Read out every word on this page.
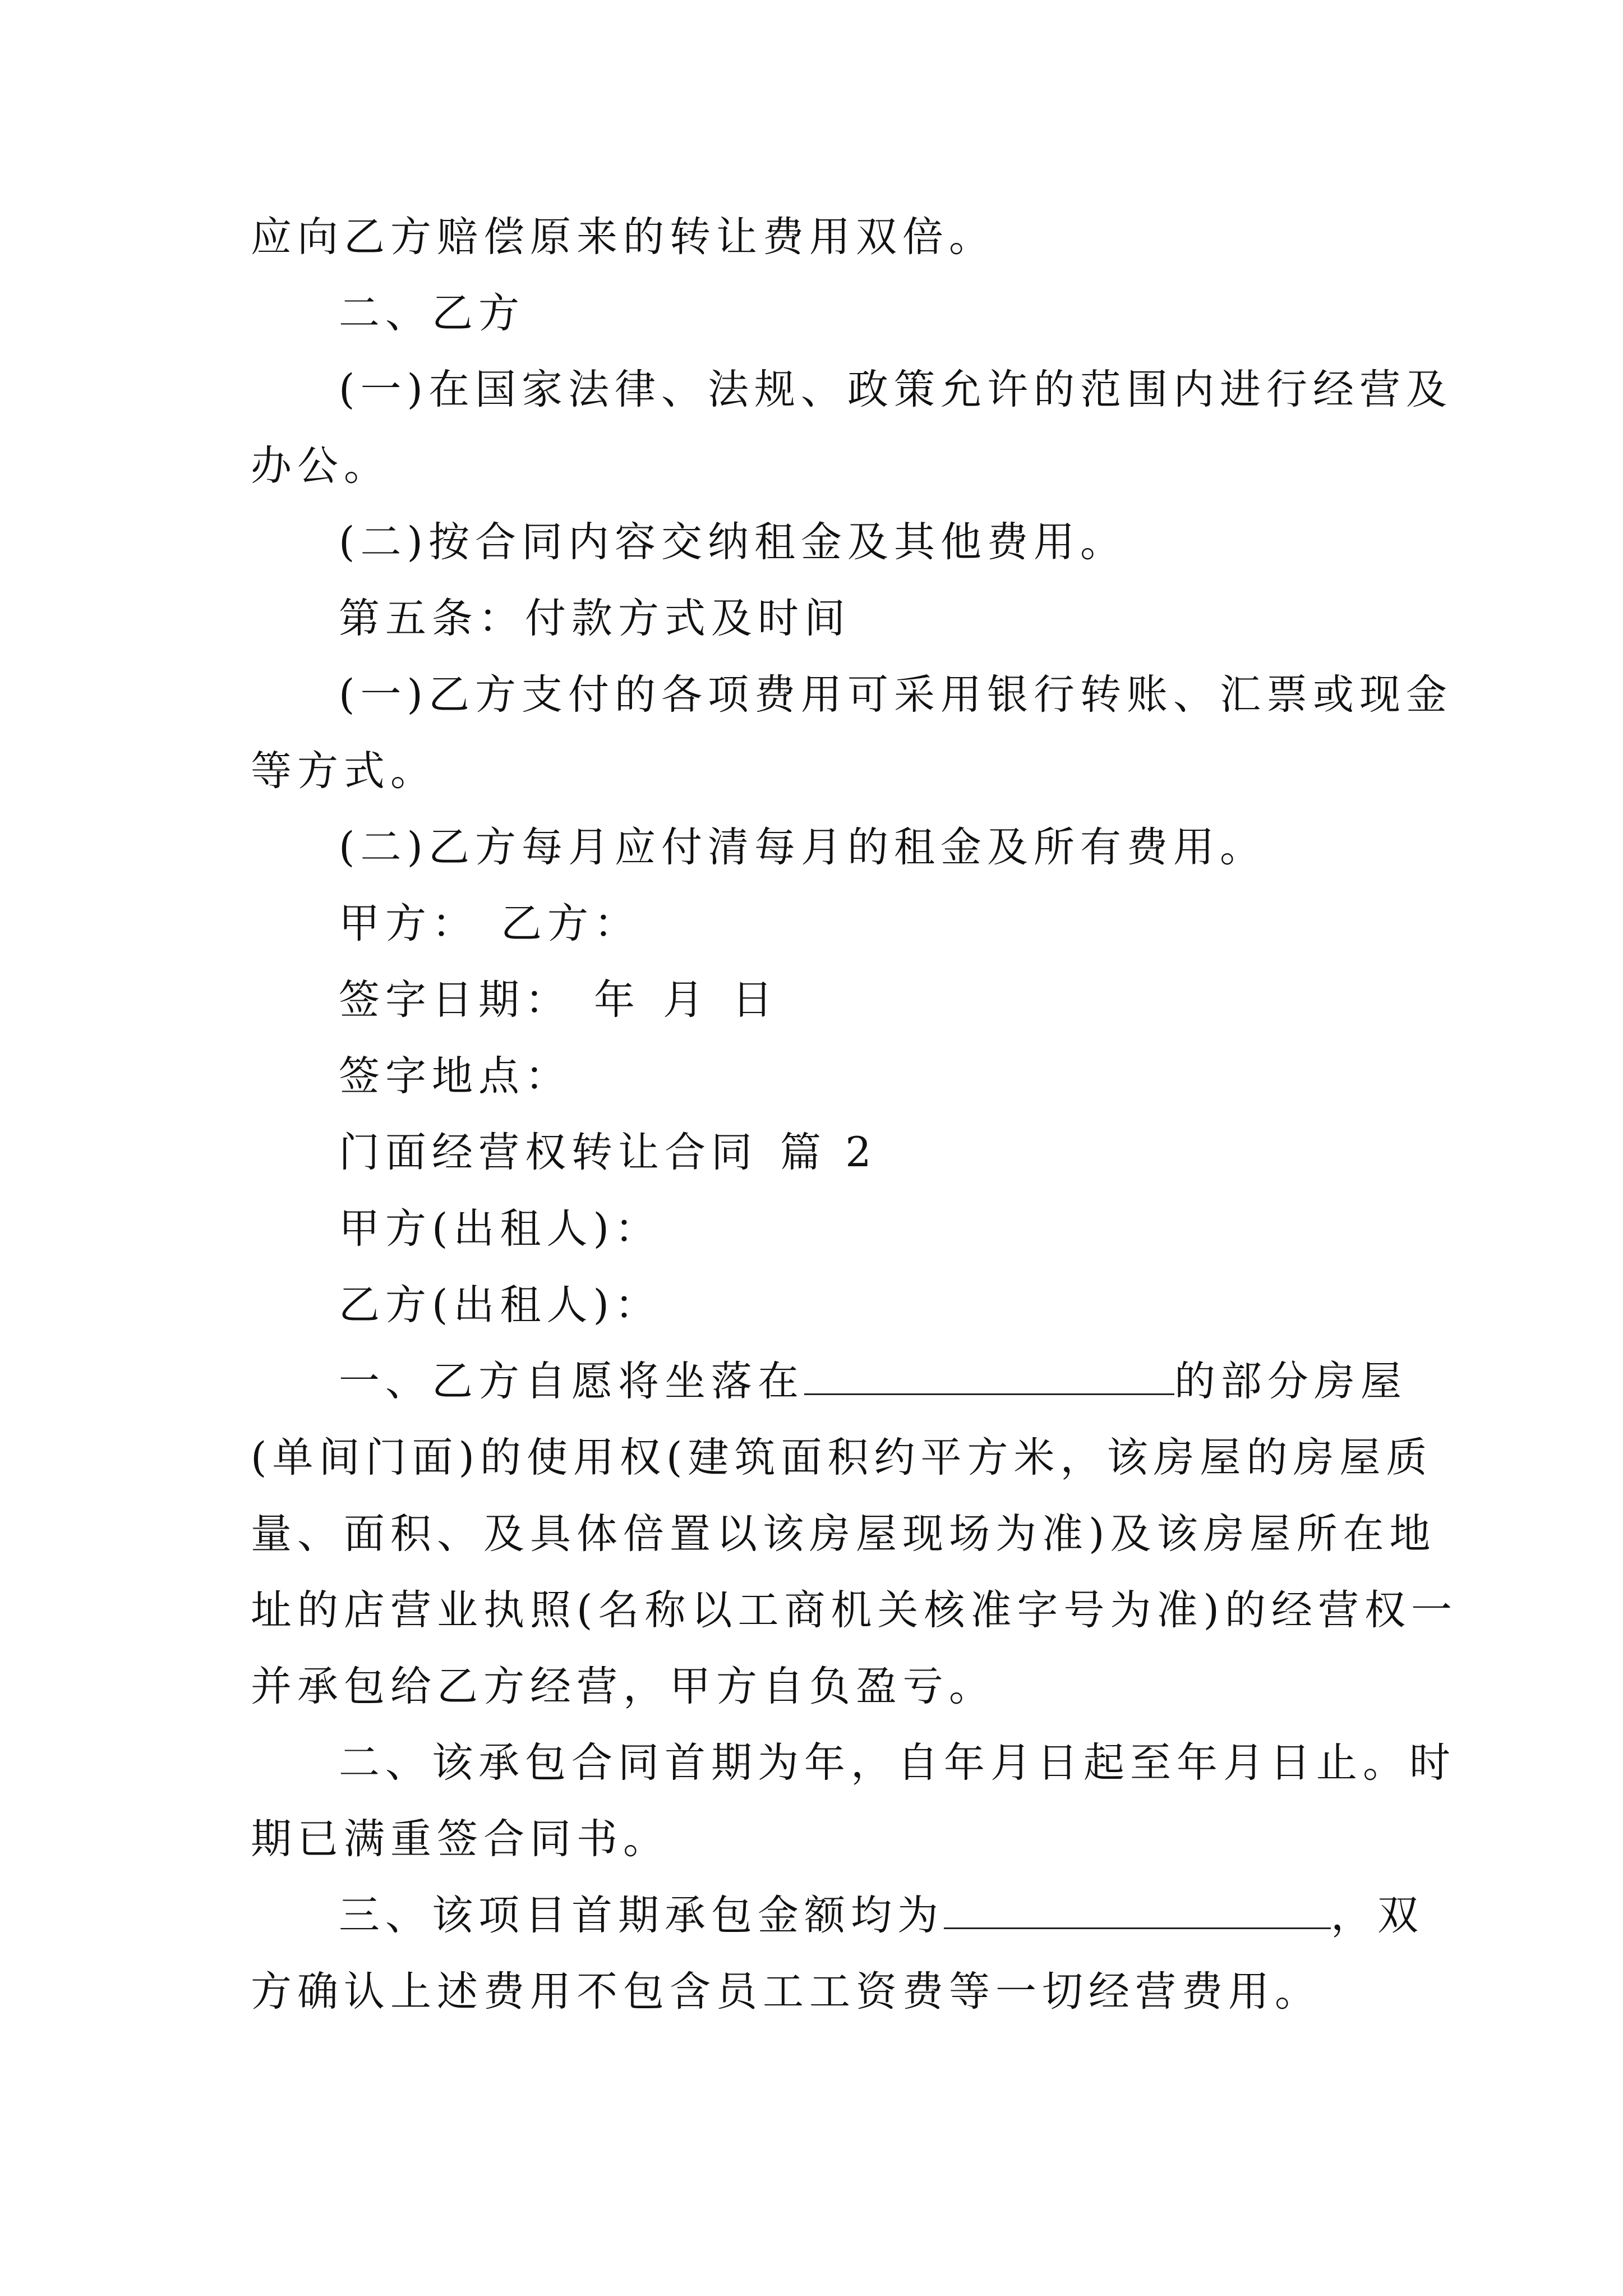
应向乙方赔偿原来的转让费用双倍。
二、乙方
(一)在国家法律、法规、政策允许的范围内进行经营及
办公。
(二)按合同内容交纳租金及其他费用。
第五条：付款方式及时间
(一)乙方支付的各项费用可采用银行转账、汇票或现金
等方式。
(二)乙方每月应付清每月的租金及所有费用。
甲方： 乙方：
签字日期： 年 月 日
签字地点：
门面经营权转让合同 篇 2
甲方(出租人)：
乙方(出租人)：
一、乙方自愿将坐落在	的部分房屋
(单间门面)的使用权(建筑面积约平方米，该房屋的房屋质
量、面积、及具体倍置以该房屋现场为准)及该房屋所在地
址的店营业执照(名称以工商机关核准字号为准)的经营权一
并承包给乙方经营，甲方自负盈亏。
二、该承包合同首期为年，自年月日起至年月日止。时
期已满重签合同书。
三、该项目首期承包金额均为	，双
方确认上述费用不包含员工工资费等一切经营费用。
